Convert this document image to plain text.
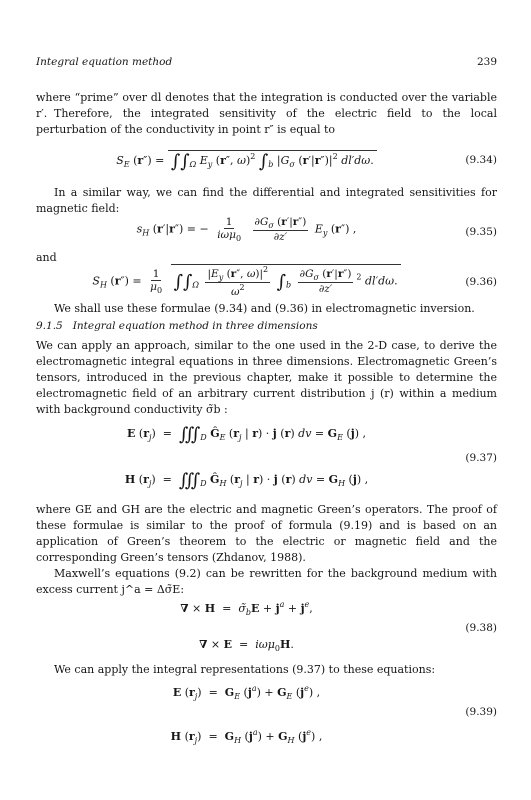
Integral equation method	239
where “prime” over dl denotes that the integration is conducted over the variable r′. Therefore, the integrated sensitivity of the electric field to the local perturbation of the conductivity in point r″ is equal to
$S_E$ $(r'') = \int\int_\Omega$ $E_y$ (r″, ω)$^2$ $\int_b$ $|G_\sigma$ $(r'|r'')|^2$ dl′dω.	(9.34)
In a similar way, we can find the differential and integrated sensitivities for magnetic field:
$s_H$ (r′|r″) = − $\frac{1}{i\omega\mu_0}$
$\frac{\partial G_\sigma (r'|r'')}{\partial z'} E_y$ (r″) ,	(9.35)
and
$S_H$ $(r'') = \frac{1}{\mu_0} \int\int_\Omega \frac{|E_y (r'', \omega)|^2}{\omega^2} \int_b \frac{\partial G_\sigma (r'|r'')}{\partial z'} ^2$ dl′dω.	(9.36)
We shall use these formulae (9.34) and (9.36) in electromagnetic inversion.
9.1.5 Integral equation method in three dimensions
We can apply an approach, similar to the one used in the 2-D case, to derive the electromagnetic integral equations in three dimensions. Electromagnetic Green’s tensors, introduced in the previous chapter, make it possible to determine the electromagnetic field of an arbitrary current distribution j (r) within a medium with background conductivity σ̃b :
E $(r_j)$  =  $∭_D$ $Ĝ_E$ ($r_j$ | r) · j (r) dv = $G_E$ (j) ,
H $(r_j)$  =  $∭_D$ $Ĝ_H$ ($r_j$ | r) · j (r) dv = $G_H$ (j) ,
(9.37)
where GE and GH are the electric and magnetic Green’s operators. The proof of these formulae is similar to the proof of formula (9.19) and is based on an application of Green’s theorem to the electric or magnetic field and the corresponding Green’s tensors (Zhdanov, 1988).
Maxwell’s equations (9.2) can be rewritten for the background medium with excess current j^a = Δσ̃E:
∇ × $H = \sigmã_bE + j^a + j^e$,
∇ × E  =  iωμ$_0$H.
(9.38)
We can apply the integral representations (9.37) to these equations:
E $(r_j) = G_E$ $(j^a) + G_E$ $(j^e)$ ,
H $(r_j) = G_H$ $(j^a) + G_H$ $(j^e)$ ,
(9.39)
